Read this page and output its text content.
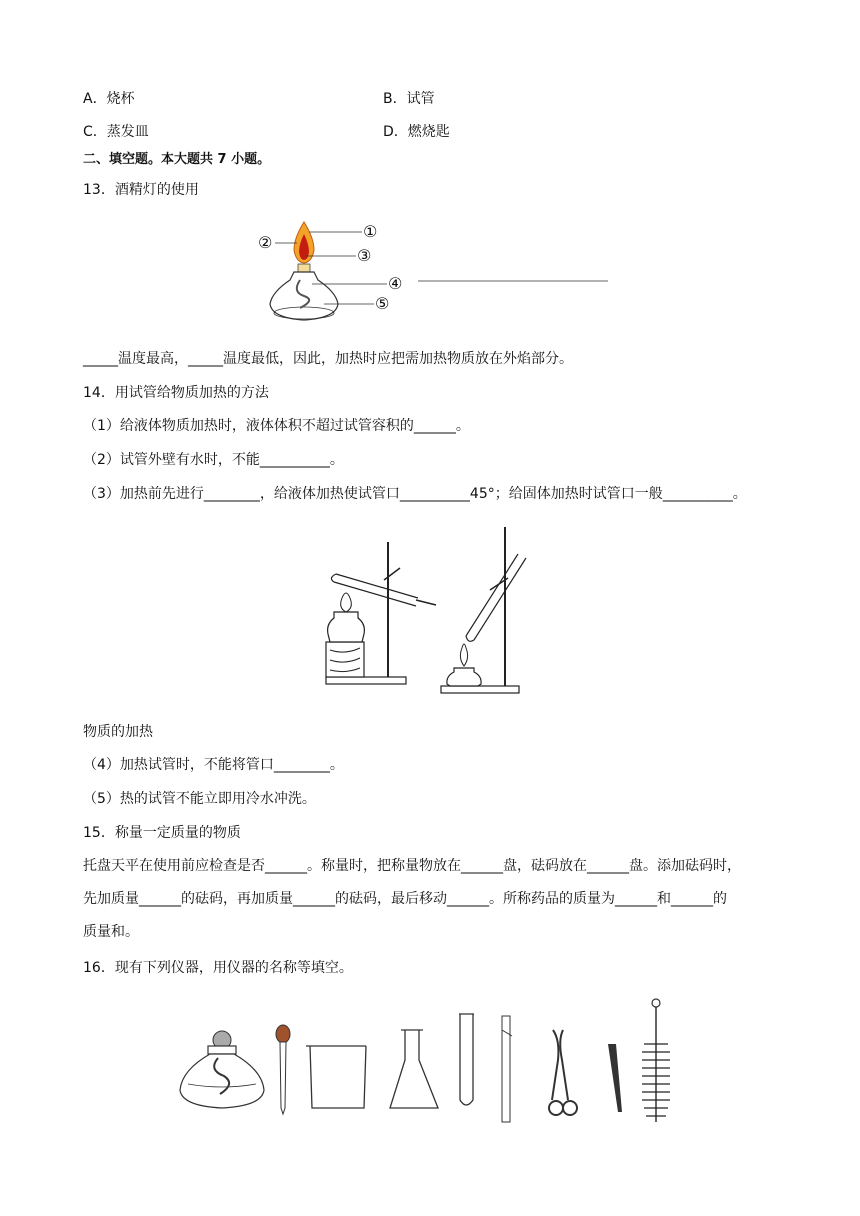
A．烧杯	B．试管
C．蒸发皿	D．燃烧匙
二、填空题。本大题共 7 小题。
13．酒精灯的使用
①
②
③
④
⑤
_____温度最高，_____温度最低，因此，加热时应把需加热物质放在外焰部分。
14．用试管给物质加热的方法
（1）给液体物质加热时，液体体积不超过试管容积的______。
（2）试管外壁有水时，不能__________。
（3）加热前先进行________，给液体加热使试管口__________45°；给固体加热时试管口一般__________。
物质的加热
（4）加热试管时，不能将管口________。
（5）热的试管不能立即用冷水冲洗。
15．称量一定质量的物质
托盘天平在使用前应检查是否______。称量时，把称量物放在______盘，砝码放在______盘。添加砝码时，
先加质量______的砝码，再加质量______的砝码，最后移动______。所称药品的质量为______和______的
质量和。
16．现有下列仪器，用仪器的名称等填空。
